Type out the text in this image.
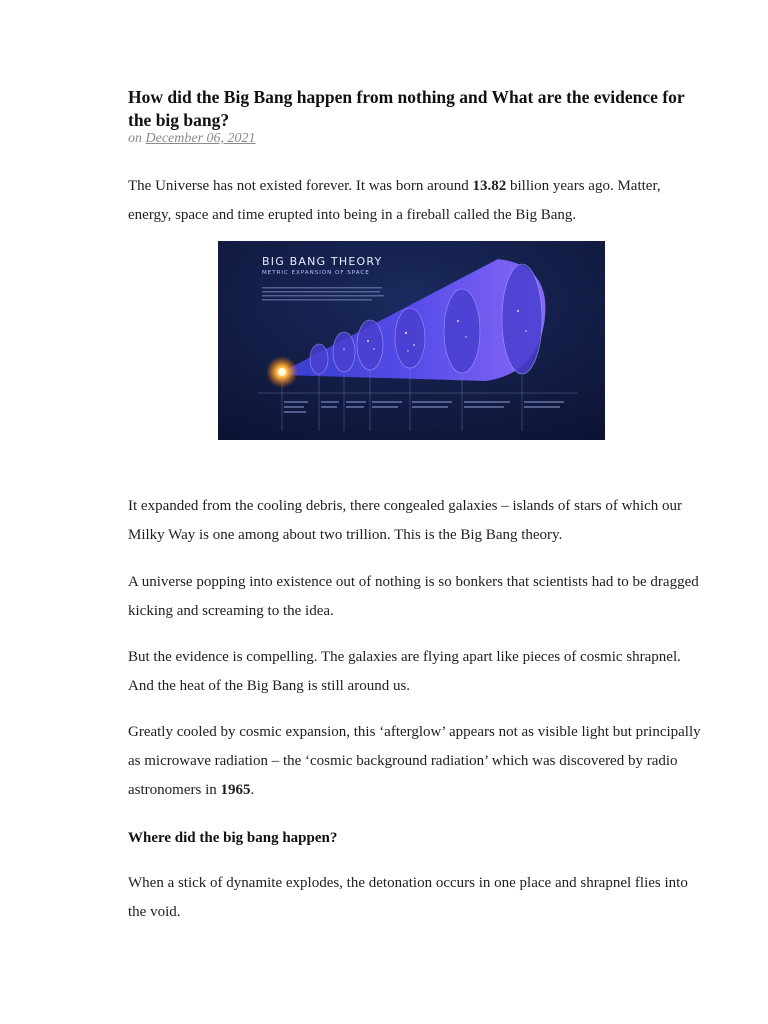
How did the Big Bang happen from nothing and What are the evidence for the big bang?
on December 06, 2021

The Universe has not existed forever. It was born around 13.82 billion years ago. Matter, energy, space and time erupted into being in a fireball called the Big Bang.

BIG BANG THEORY
METRIC EXPANSION OF SPACE

It expanded from the cooling debris, there congealed galaxies – islands of stars of which our Milky Way is one among about two trillion. This is the Big Bang theory.

A universe popping into existence out of nothing is so bonkers that scientists had to be dragged kicking and screaming to the idea.

But the evidence is compelling. The galaxies are flying apart like pieces of cosmic shrapnel. And the heat of the Big Bang is still around us.

Greatly cooled by cosmic expansion, this ‘afterglow’ appears not as visible light but principally as microwave radiation – the ‘cosmic background radiation’ which was discovered by radio astronomers in 1965.

Where did the big bang happen?

When a stick of dynamite explodes, the detonation occurs in one place and shrapnel flies into the void.
